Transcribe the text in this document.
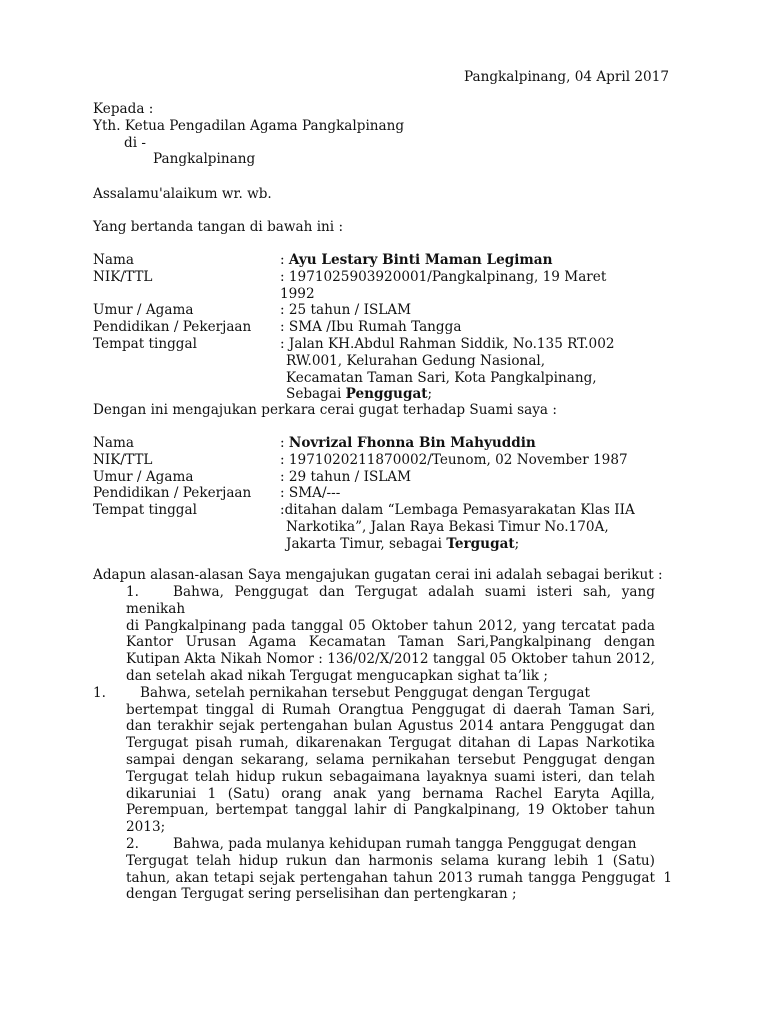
Pangkalpinang, 04 April 2017
Kepada :
Yth. Ketua Pengadilan Agama Pangkalpinang
di -
Pangkalpinang
Assalamu'alaikum wr. wb.
Yang bertanda tangan di bawah ini :
Nama	: Ayu Lestary Binti Maman Legiman
NIK/TTL	: 1971025903920001/Pangkalpinang, 19 Maret 1992
Umur / Agama	: 25 tahun / ISLAM
Pendidikan / Pekerjaan	: SMA /Ibu Rumah Tangga
Tempat tinggal	: Jalan KH.Abdul Rahman Siddik, No.135 RT.002
RW.001, Kelurahan Gedung Nasional,
Kecamatan Taman Sari, Kota Pangkalpinang,
Sebagai Penggugat;
Dengan ini mengajukan perkara cerai gugat terhadap Suami saya :
Nama	: Novrizal Fhonna Bin Mahyuddin
NIK/TTL	: 1971020211870002/Teunom, 02 November 1987
Umur / Agama	: 29 tahun / ISLAM
Pendidikan / Pekerjaan	: SMA/---
Tempat tinggal	:ditahan dalam “Lembaga Pemasyarakatan Klas IIA
Narkotika”, Jalan Raya Bekasi Timur No.170A,
Jakarta Timur, sebagai Tergugat;
Adapun alasan-alasan Saya mengajukan gugatan cerai ini adalah sebagai berikut :
1.	Bahwa, Penggugat dan Tergugat adalah suami isteri sah, yang menikah
di Pangkalpinang pada tanggal 05 Oktober tahun 2012, yang tercatat pada Kantor Urusan Agama Kecamatan Taman Sari,Pangkalpinang dengan Kutipan Akta Nikah Nomor : 136/02/X/2012 tanggal 05 Oktober tahun 2012, dan setelah akad nikah Tergugat mengucapkan sighat ta’lik ;
1.	Bahwa, setelah pernikahan tersebut Penggugat dengan Tergugat
bertempat tinggal di Rumah Orangtua Penggugat di daerah Taman Sari, dan terakhir sejak pertengahan bulan Agustus 2014 antara Penggugat dan Tergugat pisah rumah, dikarenakan Tergugat ditahan di Lapas Narkotika sampai dengan sekarang, selama pernikahan tersebut Penggugat dengan Tergugat telah hidup rukun sebagaimana layaknya suami isteri, dan telah dikaruniai 1 (Satu) orang anak yang bernama Rachel Earyta Aqilla, Perempuan, bertempat tanggal lahir di Pangkalpinang, 19 Oktober tahun 2013;
2.	Bahwa, pada mulanya kehidupan rumah tangga Penggugat dengan
Tergugat telah hidup rukun dan harmonis selama kurang lebih 1 (Satu) tahun, akan tetapi sejak pertengahan tahun 2013 rumah tangga Penggugat dengan Tergugat sering perselisihan dan pertengkaran ;
1
